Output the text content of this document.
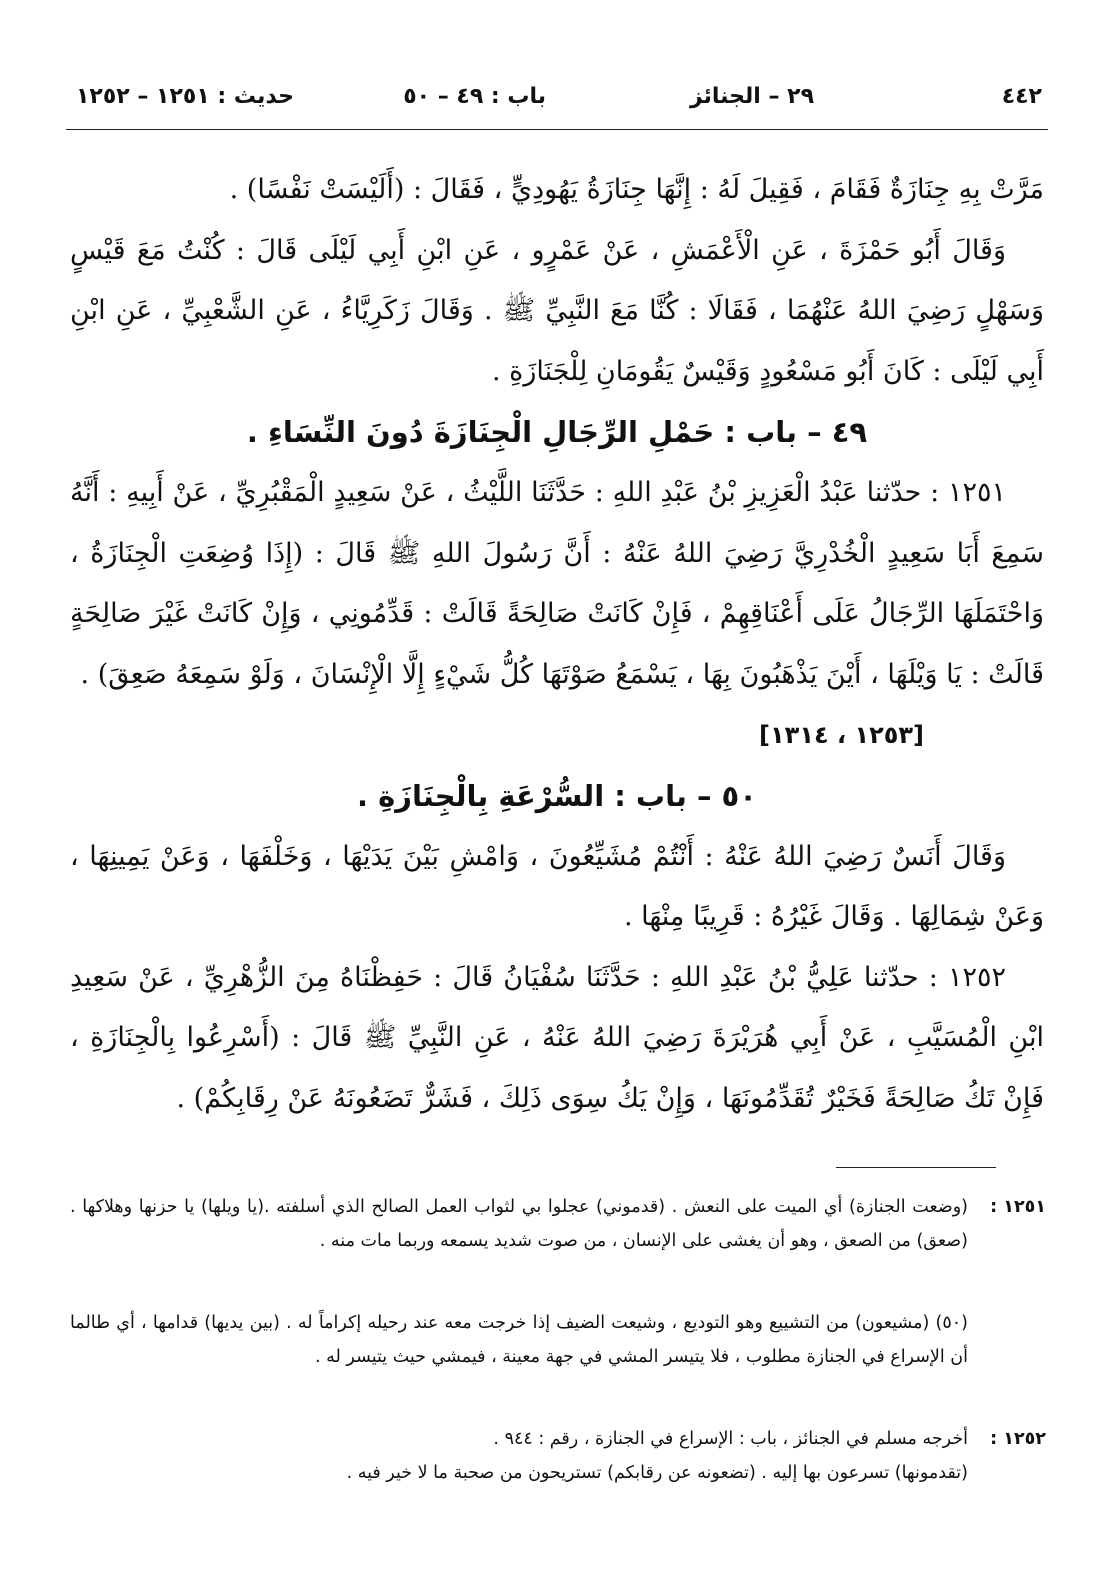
٤٤٢
٢٩ – الجنائز
باب : ٤٩ – ٥٠
حديث : ١٢٥١ – ١٢٥٢

مَرَّتْ بِهِ جِنَازَةٌ فَقَامَ ، فَقِيلَ لَهُ : إِنَّهَا جِنَازَةُ يَهُودِيٍّ ، فَقَالَ : (أَلَيْسَتْ نَفْسًا) .

وَقَالَ أَبُو حَمْزَةَ ، عَنِ الْأَعْمَشِ ، عَنْ عَمْرٍو ، عَنِ ابْنِ أَبِي لَيْلَى قَالَ : كُنْتُ مَعَ قَيْسٍ وَسَهْلٍ رَضِيَ اللهُ عَنْهُمَا ، فَقَالَا : كُنَّا مَعَ النَّبِيِّ ﷺ . وَقَالَ زَكَرِيَّاءُ ، عَنِ الشَّعْبِيِّ ، عَنِ ابْنِ أَبِي لَيْلَى : كَانَ أَبُو مَسْعُودٍ وَقَيْسٌ يَقُومَانِ لِلْجَنَازَةِ .

٤٩ – باب : حَمْلِ الرِّجَالِ الْجِنَازَةَ دُونَ النِّسَاءِ .

١٢٥١ : حدّثنا عَبْدُ الْعَزِيزِ بْنُ عَبْدِ اللهِ : حَدَّثَنَا اللَّيْثُ ، عَنْ سَعِيدٍ الْمَقْبُرِيِّ ، عَنْ أَبِيهِ : أَنَّهُ سَمِعَ أَبَا سَعِيدٍ الْخُدْرِيَّ رَضِيَ اللهُ عَنْهُ : أَنَّ رَسُولَ اللهِ ﷺ قَالَ : (إِذَا وُضِعَتِ الْجِنَازَةُ ، وَاحْتَمَلَهَا الرِّجَالُ عَلَى أَعْنَاقِهِمْ ، فَإِنْ كَانَتْ صَالِحَةً قَالَتْ : قَدِّمُونِي ، وَإِنْ كَانَتْ غَيْرَ صَالِحَةٍ قَالَتْ : يَا وَيْلَهَا ، أَيْنَ يَذْهَبُونَ بِهَا ، يَسْمَعُ صَوْتَهَا كُلُّ شَيْءٍ إِلَّا الْإِنْسَانَ ، وَلَوْ سَمِعَهُ صَعِقَ) .

[١٢٥٣ ، ١٣١٤]

٥٠ – باب : السُّرْعَةِ بِالْجِنَازَةِ .

وَقَالَ أَنَسٌ رَضِيَ اللهُ عَنْهُ : أَنْتُمْ مُشَيِّعُونَ ، وَامْشِ بَيْنَ يَدَيْهَا ، وَخَلْفَهَا ، وَعَنْ يَمِينِهَا ، وَعَنْ شِمَالِهَا . وَقَالَ غَيْرُهُ : قَرِيبًا مِنْهَا .

١٢٥٢ : حدّثنا عَلِيُّ بْنُ عَبْدِ اللهِ : حَدَّثَنَا سُفْيَانُ قَالَ : حَفِظْنَاهُ مِنَ الزُّهْرِيِّ ، عَنْ سَعِيدِ ابْنِ الْمُسَيَّبِ ، عَنْ أَبِي هُرَيْرَةَ رَضِيَ اللهُ عَنْهُ ، عَنِ النَّبِيِّ ﷺ قَالَ : (أَسْرِعُوا بِالْجِنَازَةِ ، فَإِنْ تَكُ صَالِحَةً فَخَيْرٌ تُقَدِّمُونَهَا ، وَإِنْ يَكُ سِوَى ذَلِكَ ، فَشَرٌّ تَضَعُونَهُ عَنْ رِقَابِكُمْ) .

١٢٥١ :
(وضعت الجنازة) أي الميت على النعش . (قدموني) عجلوا بي لثواب العمل الصالح الذي أسلفته .(يا ويلها) يا حزنها وهلاكها . (صعق) من الصعق ، وهو أن يغشى على الإنسان ، من صوت شديد يسمعه وربما مات منه .
(٥٠) (مشيعون) من التشييع وهو التوديع ، وشيعت الضيف إذا خرجت معه عند رحيله إكراماً له . (بين يديها) قدامها ، أي طالما أن الإسراع في الجنازة مطلوب ، فلا يتيسر المشي في جهة معينة ، فيمشي حيث يتيسر له .
١٢٥٢ :
أخرجه مسلم في الجنائز ، باب : الإسراع في الجنازة ، رقم : ٩٤٤ .
(تقدمونها) تسرعون بها إليه . (تضعونه عن رقابكم) تستريحون من صحبة ما لا خير فيه .
